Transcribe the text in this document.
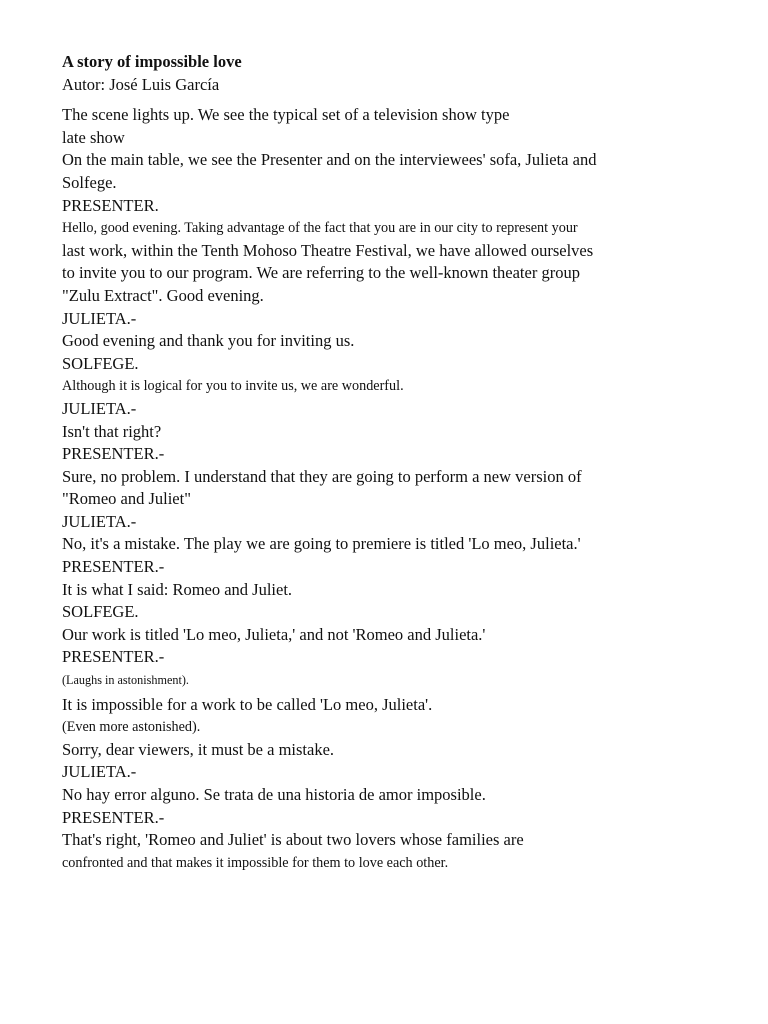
A story of impossible love
Autor: José Luis García
The scene lights up. We see the typical set of a television show type
late show
On the main table, we see the Presenter and on the interviewees' sofa, Julieta and
Solfege.
PRESENTER.
Hello, good evening. Taking advantage of the fact that you are in our city to represent your
last work, within the Tenth Mohoso Theatre Festival, we have allowed ourselves
to invite you to our program. We are referring to the well-known theater group
"Zulu Extract". Good evening.
JULIETA.-
Good evening and thank you for inviting us.
SOLFEGE.
Although it is logical for you to invite us, we are wonderful.
JULIETA.-
Isn't that right?
PRESENTER.-
Sure, no problem. I understand that they are going to perform a new version of
"Romeo and Juliet"
JULIETA.-
No, it's a mistake. The play we are going to premiere is titled 'Lo meo, Julieta.'
PRESENTER.-
It is what I said: Romeo and Juliet.
SOLFEGE.
Our work is titled 'Lo meo, Julieta,' and not 'Romeo and Julieta.'
PRESENTER.-
(Laughs in astonishment).
It is impossible for a work to be called 'Lo meo, Julieta'.
(Even more astonished).
Sorry, dear viewers, it must be a mistake.
JULIETA.-
No hay error alguno. Se trata de una historia de amor imposible.
PRESENTER.-
That's right, 'Romeo and Juliet' is about two lovers whose families are
confronted and that makes it impossible for them to love each other.
